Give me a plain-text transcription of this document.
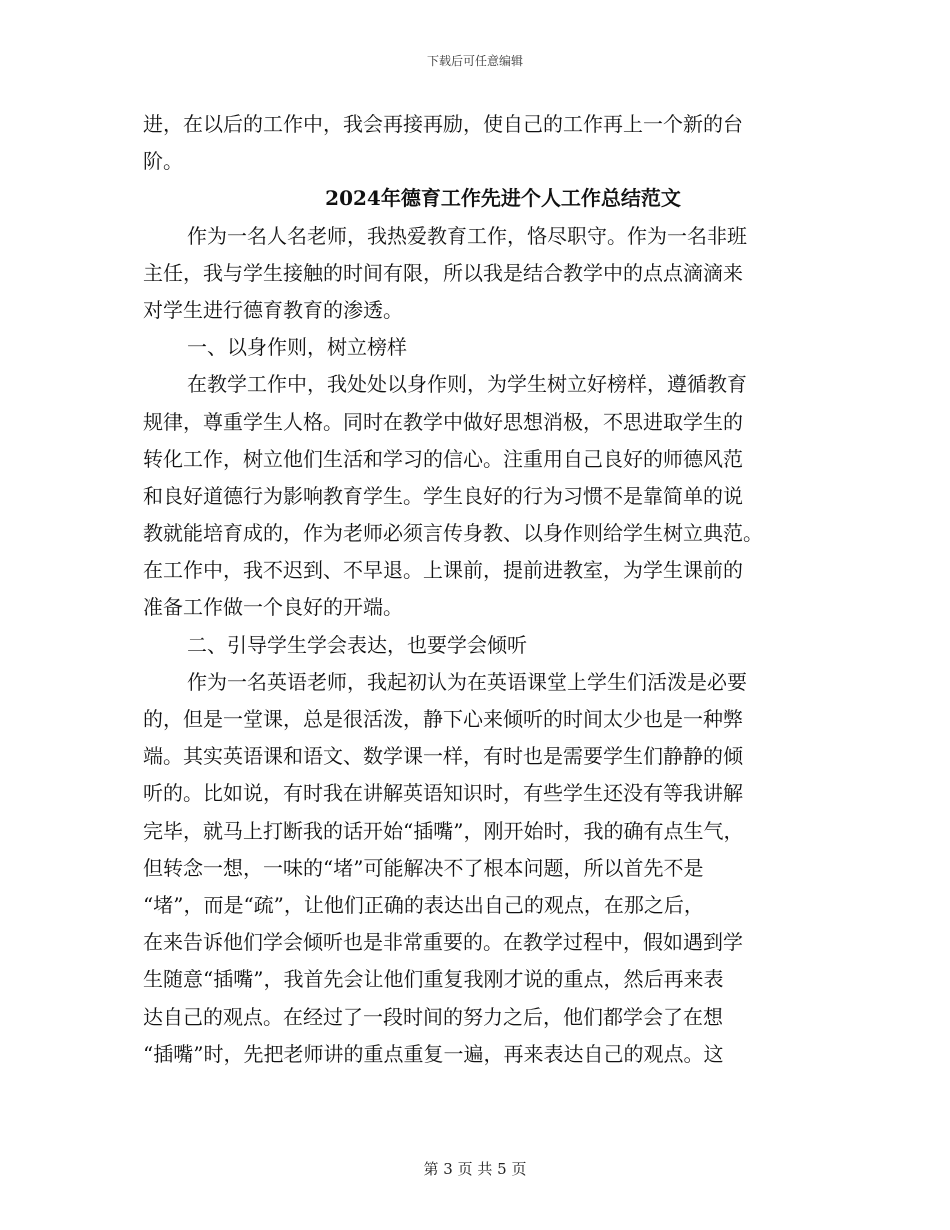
下载后可任意编辑
进，在以后的工作中，我会再接再励，使自己的工作再上一个新的台
阶。
2024年德育工作先进个人工作总结范文
作为一名人名老师，我热爱教育工作，恪尽职守。作为一名非班
主任，我与学生接触的时间有限，所以我是结合教学中的点点滴滴来
对学生进行德育教育的渗透。
一、以身作则，树立榜样
在教学工作中，我处处以身作则，为学生树立好榜样，遵循教育
规律，尊重学生人格。同时在教学中做好思想消极，不思进取学生的
转化工作，树立他们生活和学习的信心。注重用自己良好的师德风范
和良好道德行为影响教育学生。学生良好的行为习惯不是靠简单的说
教就能培育成的，作为老师必须言传身教、以身作则给学生树立典范。
在工作中，我不迟到、不早退。上课前，提前进教室，为学生课前的
准备工作做一个良好的开端。
二、引导学生学会表达，也要学会倾听
作为一名英语老师，我起初认为在英语课堂上学生们活泼是必要
的，但是一堂课，总是很活泼，静下心来倾听的时间太少也是一种弊
端。其实英语课和语文、数学课一样，有时也是需要学生们静静的倾
听的。比如说，有时我在讲解英语知识时，有些学生还没有等我讲解
完毕，就马上打断我的话开始“插嘴”，刚开始时，我的确有点生气，
但转念一想，一味的“堵”可能解决不了根本问题，所以首先不是
“堵”，而是“疏”，让他们正确的表达出自己的观点，在那之后，
在来告诉他们学会倾听也是非常重要的。在教学过程中，假如遇到学
生随意“插嘴”，我首先会让他们重复我刚才说的重点，然后再来表
达自己的观点。在经过了一段时间的努力之后，他们都学会了在想
“插嘴”时，先把老师讲的重点重复一遍，再来表达自己的观点。这
第 3 页 共 5 页
